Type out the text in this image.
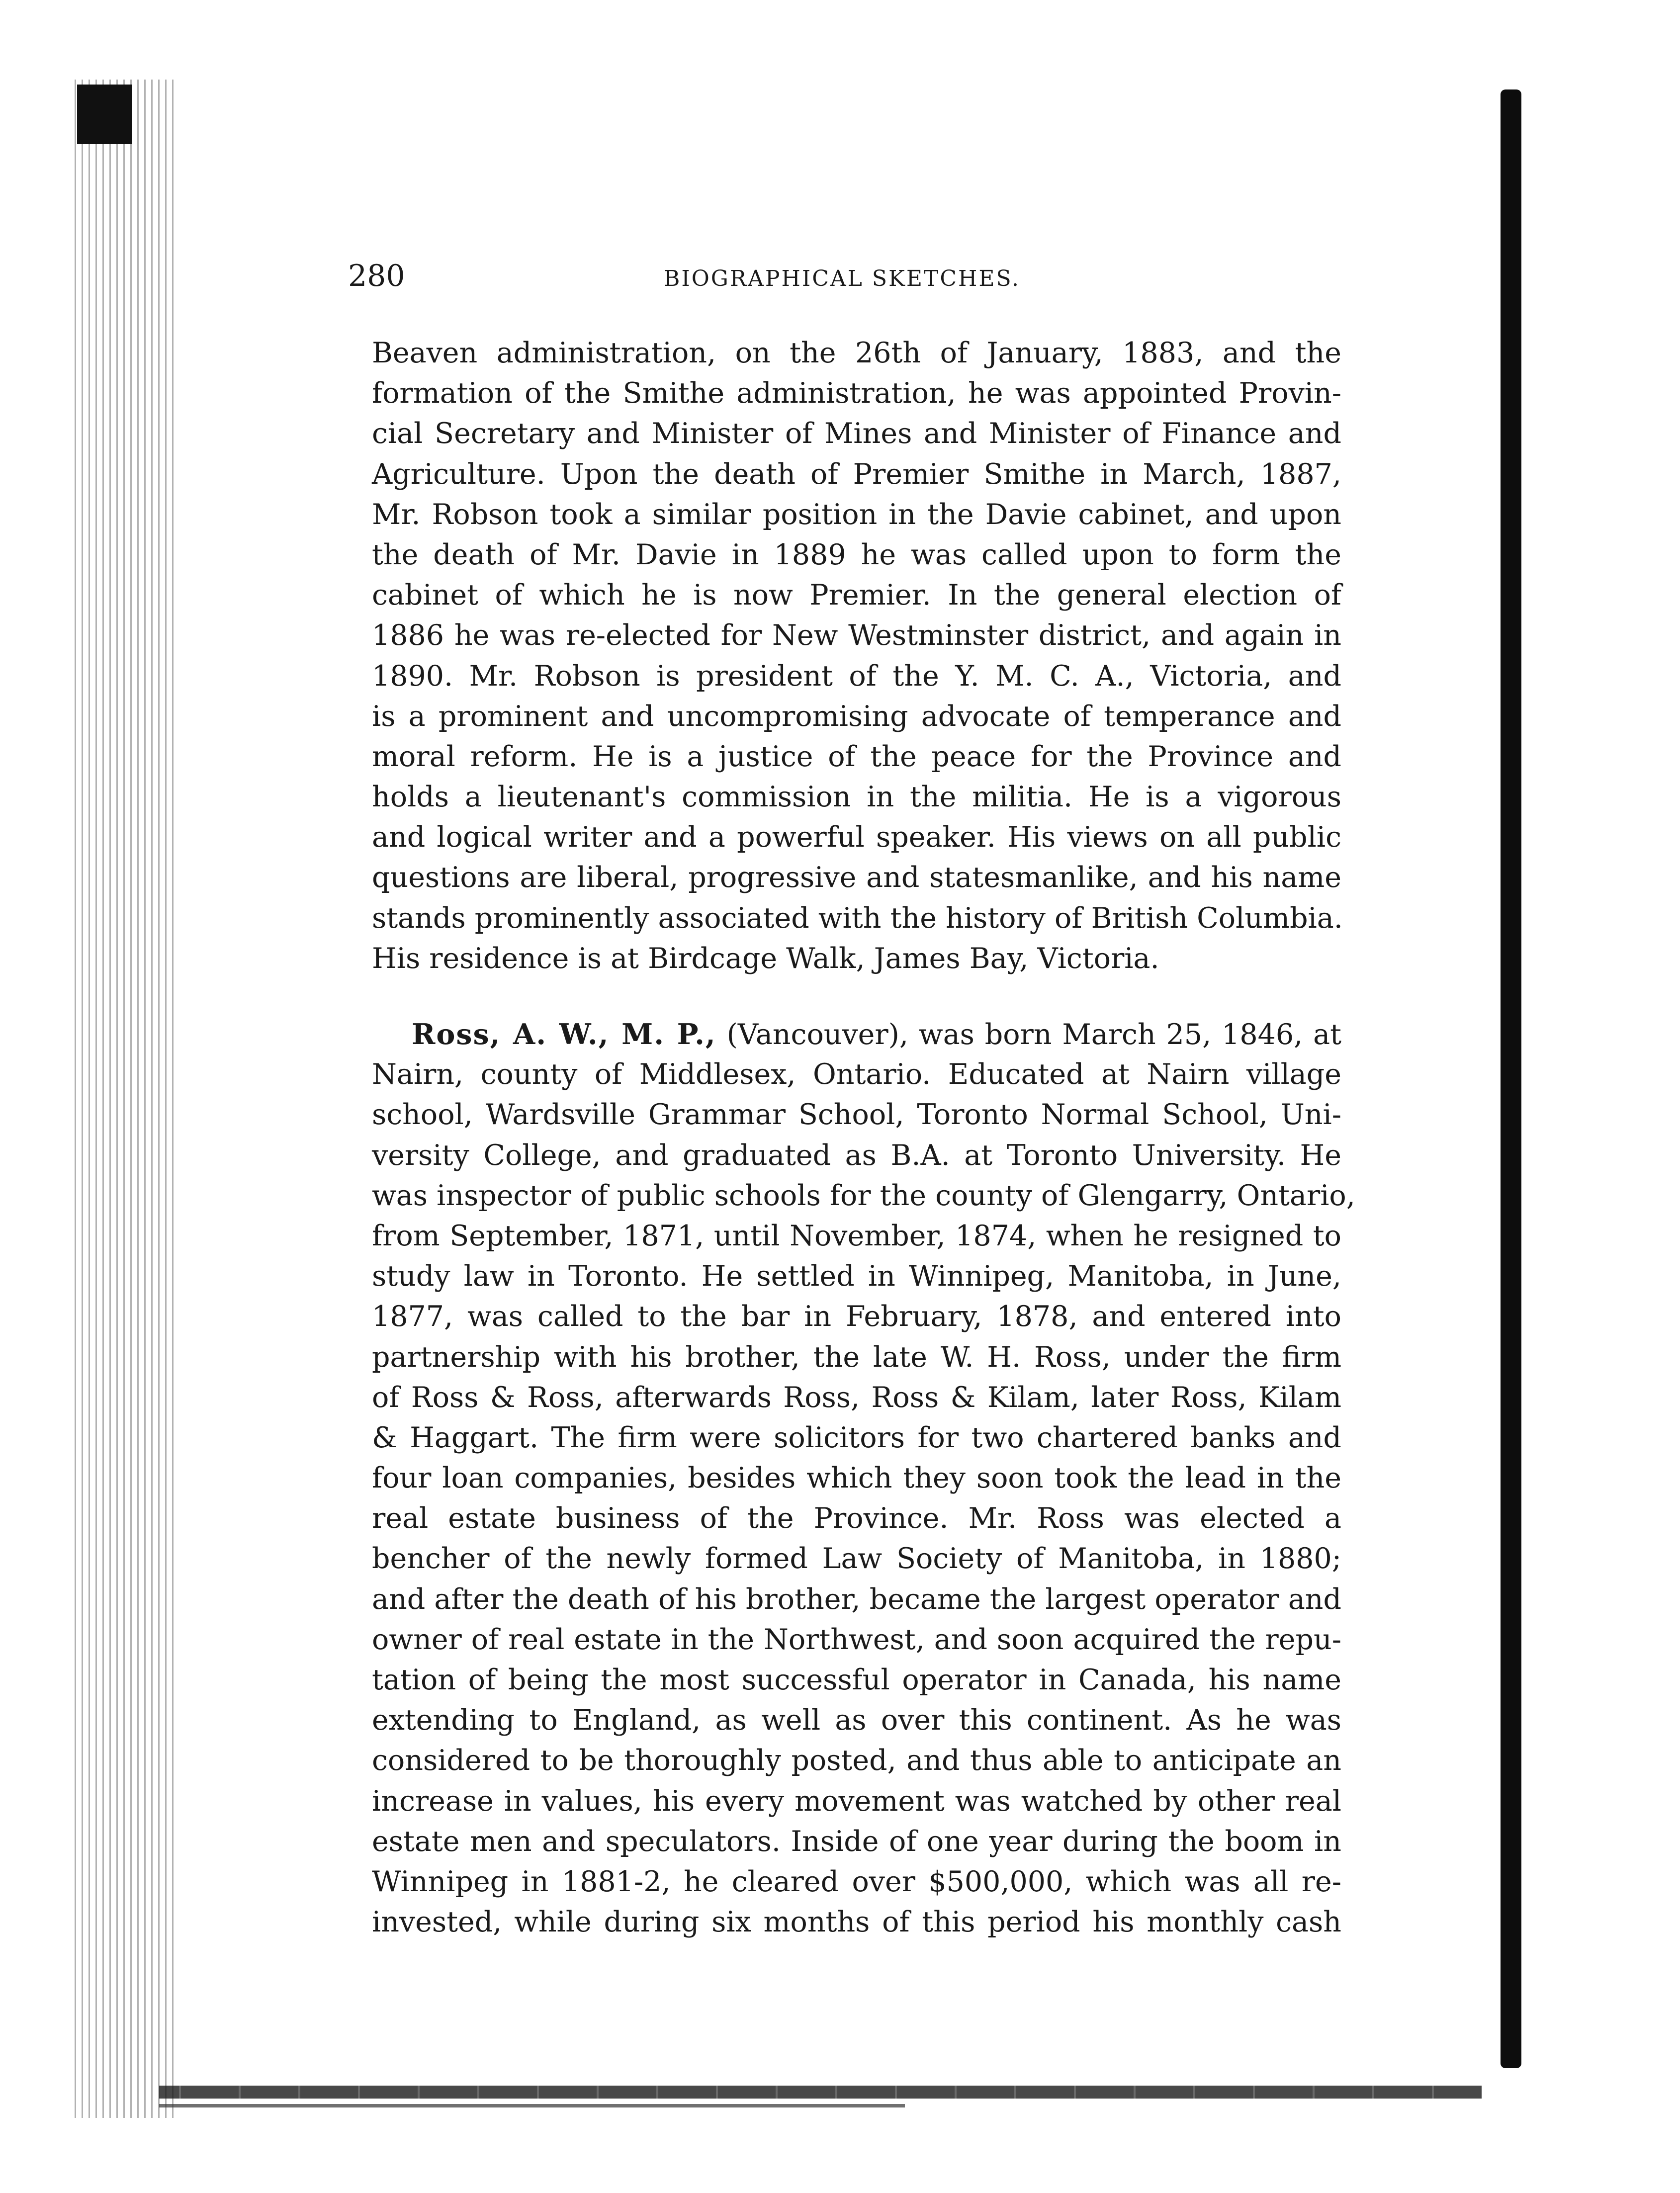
280	BIOGRAPHICAL SKETCHES.
Beaven administration, on the 26th of January, 1883, and the
formation of the Smithe administration, he was appointed Provin-
cial Secretary and Minister of Mines and Minister of Finance and
Agriculture. Upon the death of Premier Smithe in March, 1887,
Mr. Robson took a similar position in the Davie cabinet, and upon
the death of Mr. Davie in 1889 he was called upon to form the
cabinet of which he is now Premier. In the general election of
1886 he was re-elected for New Westminster district, and again in
1890. Mr. Robson is president of the Y. M. C. A., Victoria, and
is a prominent and uncompromising advocate of temperance and
moral reform. He is a justice of the peace for the Province and
holds a lieutenant's commission in the militia. He is a vigorous
and logical writer and a powerful speaker. His views on all public
questions are liberal, progressive and statesmanlike, and his name
stands prominently associated with the history of British Columbia.
His residence is at Birdcage Walk, James Bay, Victoria.
Ross, A. W., M. P., (Vancouver), was born March 25, 1846, at
Nairn, county of Middlesex, Ontario. Educated at Nairn village
school, Wardsville Grammar School, Toronto Normal School, Uni-
versity College, and graduated as B.A. at Toronto University. He
was inspector of public schools for the county of Glengarry, Ontario,
from September, 1871, until November, 1874, when he resigned to
study law in Toronto. He settled in Winnipeg, Manitoba, in June,
1877, was called to the bar in February, 1878, and entered into
partnership with his brother, the late W. H. Ross, under the firm
of Ross & Ross, afterwards Ross, Ross & Kilam, later Ross, Kilam
& Haggart. The firm were solicitors for two chartered banks and
four loan companies, besides which they soon took the lead in the
real estate business of the Province. Mr. Ross was elected a
bencher of the newly formed Law Society of Manitoba, in 1880;
and after the death of his brother, became the largest operator and
owner of real estate in the Northwest, and soon acquired the repu-
tation of being the most successful operator in Canada, his name
extending to England, as well as over this continent. As he was
considered to be thoroughly posted, and thus able to anticipate an
increase in values, his every movement was watched by other real
estate men and speculators. Inside of one year during the boom in
Winnipeg in 1881-2, he cleared over $500,000, which was all re-
invested, while during six months of this period his monthly cash
